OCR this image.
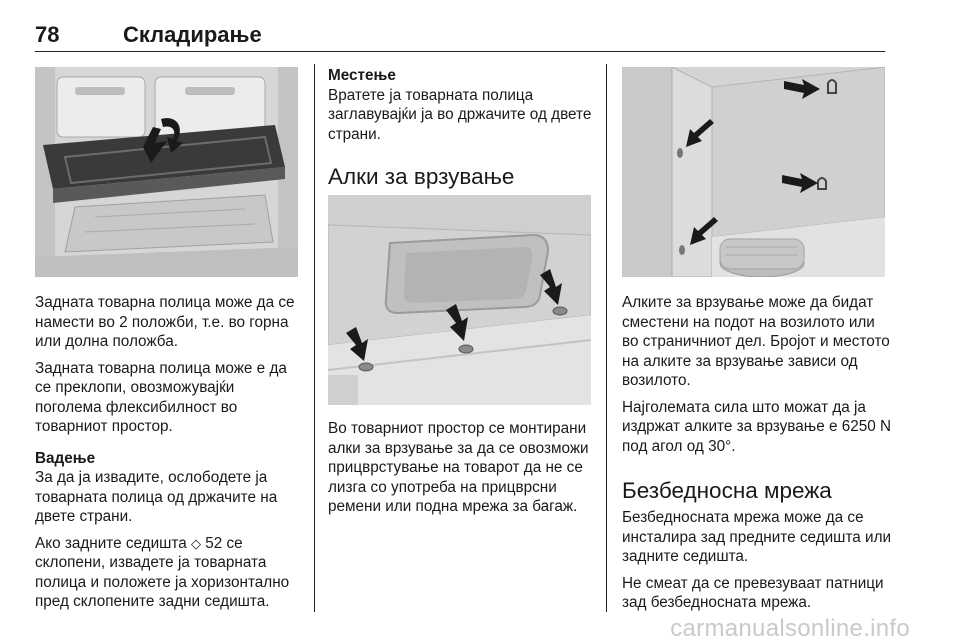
78	Складирање

Задната товарна полица може да се намести во 2 положби, т.е. во горна или долна положба.

Задната товарна полица може е да се преклопи, овозможувајќи поголема флексибилност во товарниот простор.

Вадење

За да ја извадите, ослободете ја товарната полица од држачите на двете страни.

Ако задните седишта ◇ 52 се склопени, извадете ја товарната полица и положете ја хоризонтално пред склопените задни седишта.

Местење

Вратете ја товарната полица заглавувајќи ја во држачите од двете страни.

Алки за врзување

Во товарниот простор се монтирани алки за врзување за да се овозможи прицврстување на товарот да не се лизга со употреба на прицврсни ремени или подна мрежа за багаж.

Алките за врзување може да бидат сместени на подот на возилото или во страничниот дел. Бројот и местото на алките за врзување зависи од возилото.

Најголемата сила што можат да ја издржат алките за врзување е 6250 N под агол од 30°.

Безбедносна мрежа

Безбедносната мрежа може да се инсталира зад предните седишта или задните седишта.

Не смеат да се превезуваат патници зад безбедносната мрежа.

carmanualsonline.info
